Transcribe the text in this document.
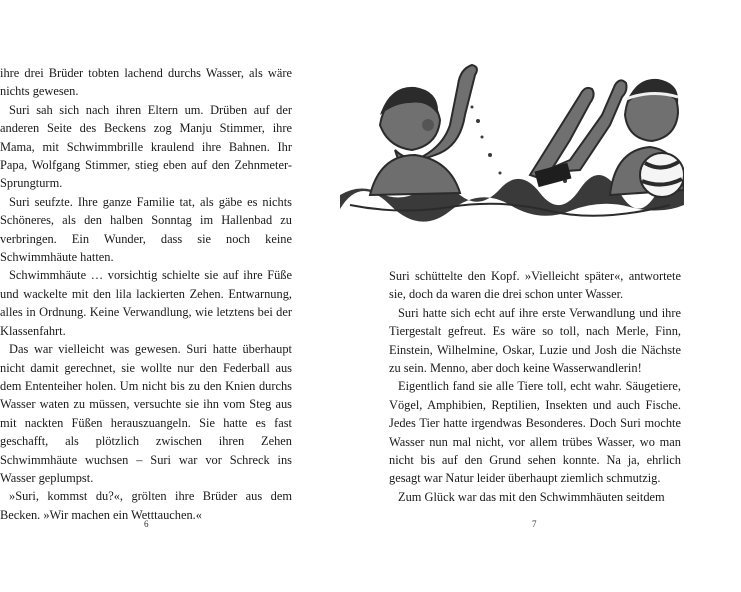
ihre drei Brüder tobten lachend durchs Wasser, als wäre nichts gewesen.

Suri sah sich nach ihren Eltern um. Drüben auf der anderen Seite des Beckens zog Manju Stimmer, ihre Mama, mit Schwimmbrille kraulend ihre Bahnen. Ihr Papa, Wolfgang Stimmer, stieg eben auf den Zehnmeter-Sprungturm.

Suri seufzte. Ihre ganze Familie tat, als gäbe es nichts Schöneres, als den halben Sonntag im Hallenbad zu verbringen. Ein Wunder, dass sie noch keine Schwimmhäute hatten.

Schwimmhäute … vorsichtig schielte sie auf ihre Füße und wackelte mit den lila lackierten Zehen. Entwarnung, alles in Ordnung. Keine Verwandlung, wie letztens bei der Klassenfahrt.

Das war vielleicht was gewesen. Suri hatte überhaupt nicht damit gerechnet, sie wollte nur den Federball aus dem Ententeiher holen. Um nicht bis zu den Knien durchs Wasser waten zu müssen, versuchte sie ihn vom Steg aus mit nackten Füßen herauszuangeln. Sie hatte es fast geschafft, als plötzlich zwischen ihren Zehen Schwimmhäute wuchsen – Suri war vor Schreck ins Wasser geplumpst.

»Suri, kommst du?«, grölten ihre Brüder aus dem Becken. »Wir machen ein Wetttauchen.«

6

Suri schüttelte den Kopf. »Vielleicht später«, antwortete sie, doch da waren die drei schon unter Wasser.

Suri hatte sich echt auf ihre erste Verwandlung und ihre Tiergestalt gefreut. Es wäre so toll, nach Merle, Finn, Einstein, Wilhelmine, Oskar, Luzie und Josh die Nächste zu sein. Menno, aber doch keine Wasserwandlerin!

Eigentlich fand sie alle Tiere toll, echt wahr. Säugetiere, Vögel, Amphibien, Reptilien, Insekten und auch Fische. Jedes Tier hatte irgendwas Besonderes. Doch Suri mochte Wasser nun mal nicht, vor allem trübes Wasser, wo man nicht bis auf den Grund sehen konnte. Na ja, ehrlich gesagt war Natur leider überhaupt ziemlich schmutzig.

Zum Glück war das mit den Schwimmhäuten seitdem

7
